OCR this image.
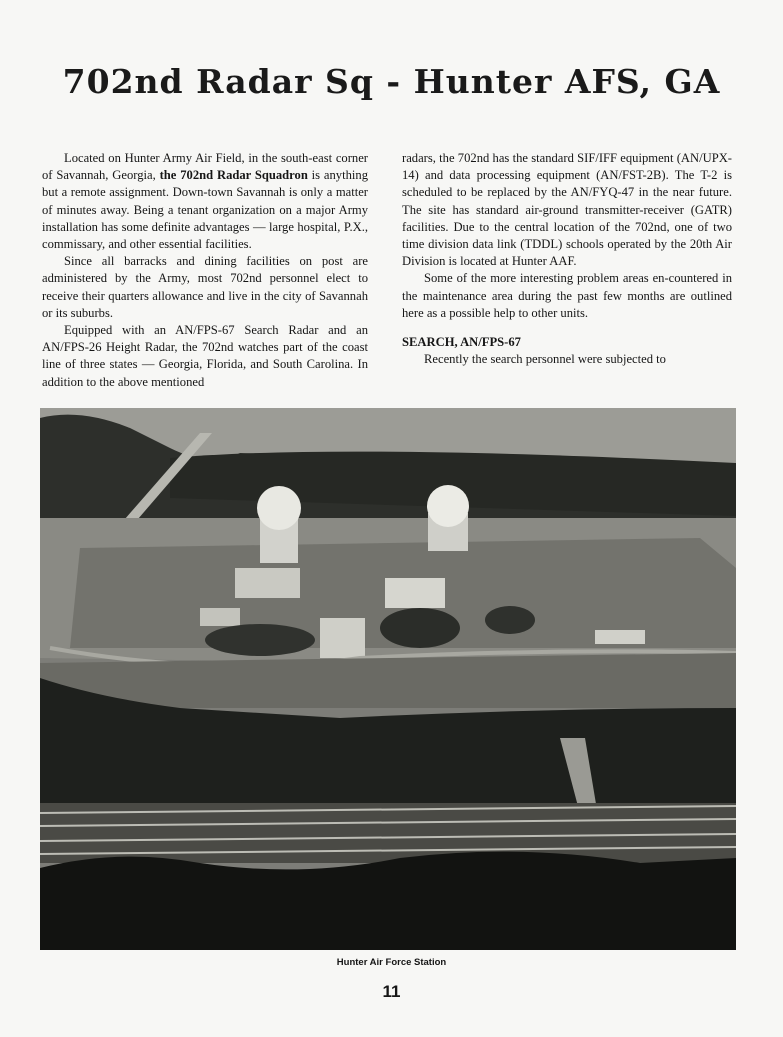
702nd Radar Sq - Hunter AFS, GA

Located on Hunter Army Air Field, in the south-east corner of Savannah, Georgia, the 702nd Radar Squadron is anything but a remote assignment. Down-town Savannah is only a matter of minutes away. Being a tenant organization on a major Army installation has some definite advantages — large hospital, P.X., commissary, and other essential facilities.

Since all barracks and dining facilities on post are administered by the Army, most 702nd personnel elect to receive their quarters allowance and live in the city of Savannah or its suburbs.

Equipped with an AN/FPS-67 Search Radar and an AN/FPS-26 Height Radar, the 702nd watches part of the coast line of three states — Georgia, Florida, and South Carolina. In addition to the above mentioned

radars, the 702nd has the standard SIF/IFF equipment (AN/UPX-14) and data processing equipment (AN/FST-2B). The T-2 is scheduled to be replaced by the AN/FYQ-47 in the near future. The site has standard air-ground transmitter-receiver (GATR) facilities. Due to the central location of the 702nd, one of two time division data link (TDDL) schools operated by the 20th Air Division is located at Hunter AAF.

Some of the more interesting problem areas en-countered in the maintenance area during the past few months are outlined here as a possible help to other units.

SEARCH, AN/FPS-67

Recently the search personnel were subjected to

Hunter Air Force Station
11
